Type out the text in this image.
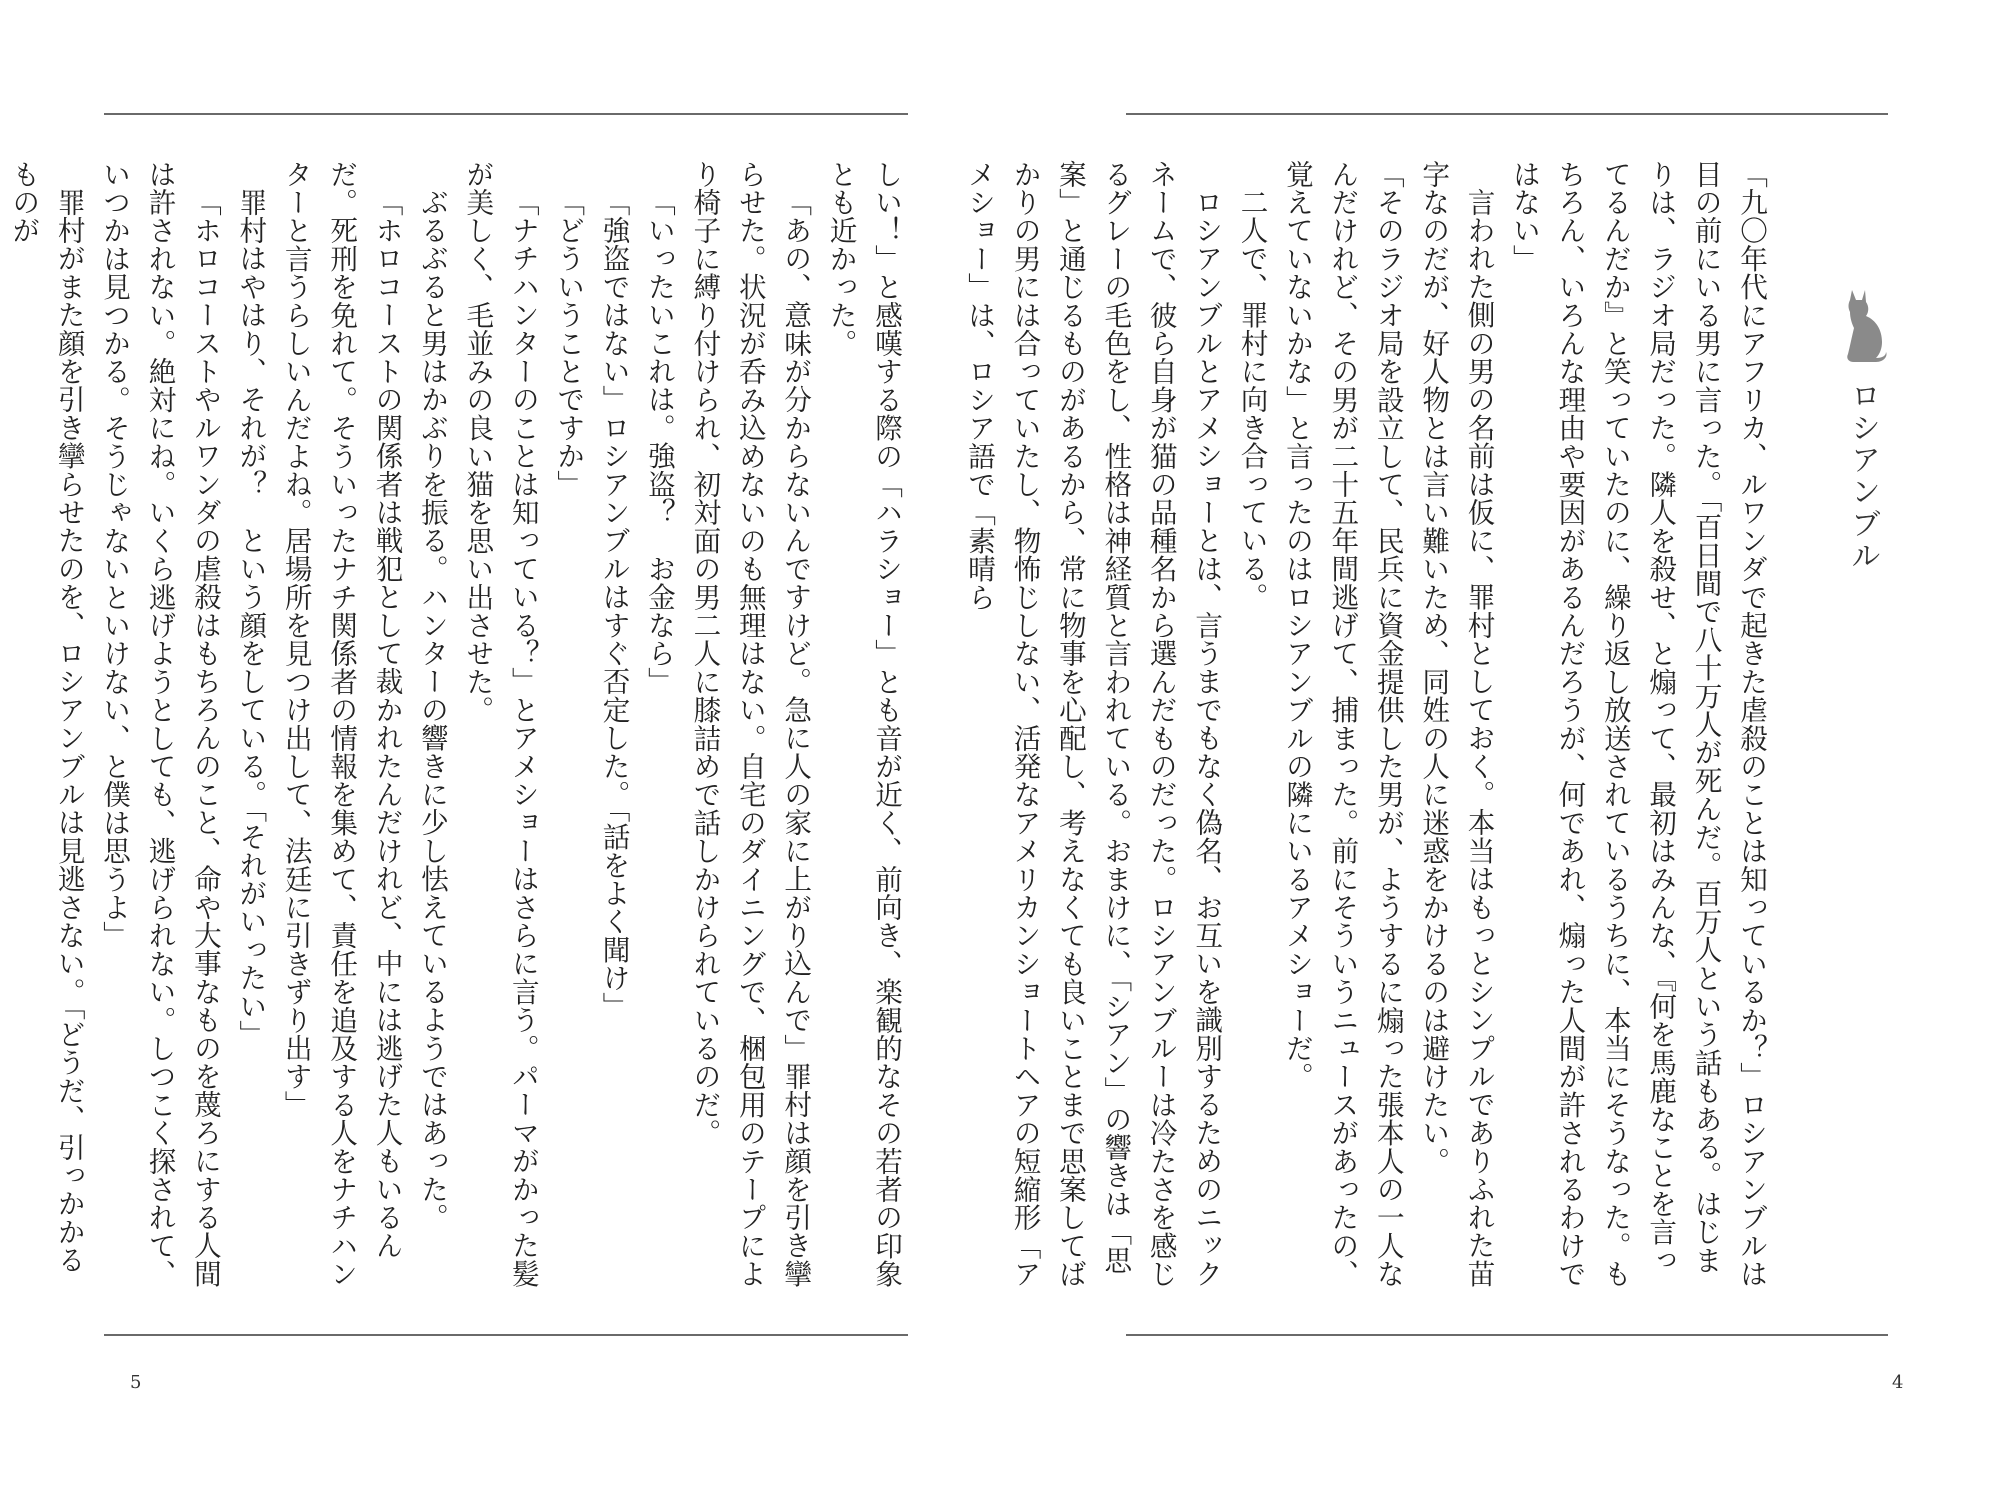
しい！」と感嘆する際の「ハラショー」とも音が近く、前向き、楽観的なその若者の印象とも近かった。

「あの、意味が分からないんですけど。急に人の家に上がり込んで」罪村は顔を引き攣らせた。状況が呑み込めないのも無理はない。自宅のダイニングで、梱包用のテープにより椅子に縛り付けられ、初対面の男二人に膝詰めで話しかけられているのだ。

「いったいこれは。強盗？　お金なら」

「強盗ではない」ロシアンブルはすぐ否定した。「話をよく聞け」

「どういうことですか」

「ナチハンターのことは知っている？」とアメショーはさらに言う。パーマがかった髪が美しく、毛並みの良い猫を思い出させた。

ぶるぶると男はかぶりを振る。ハンターの響きに少し怯えているようではあった。

「ホロコーストの関係者は戦犯として裁かれたんだけれど、中には逃げた人もいるんだ。死刑を免れて。そういったナチ関係者の情報を集めて、責任を追及する人をナチハンターと言うらしいんだよね。居場所を見つけ出して、法廷に引きずり出す」

罪村はやはり、それが？　という顔をしている。「それがいったい」

「ホロコーストやルワンダの虐殺はもちろんのこと、命や大事なものを蔑ろにする人間は許されない。絶対にね。いくら逃げようとしても、逃げられない。しつこく探されて、いつかは見つかる。そうじゃないといけない、と僕は思うよ」

罪村がまた顔を引き攣らせたのを、ロシアンブルは見逃さない。「どうだ、引っかかるものが

5
ロシアンブル

「九〇年代にアフリカ、ルワンダで起きた虐殺のことは知っているか？」ロシアンブルは目の前にいる男に言った。「百日間で八十万人が死んだ。百万人という話もある。はじまりは、ラジオ局だった。隣人を殺せ、と煽って、最初はみんな、『何を馬鹿なことを言ってるんだか』と笑っていたのに、繰り返し放送されているうちに、本当にそうなった。もちろん、いろんな理由や要因があるんだろうが、何であれ、煽った人間が許されるわけではない」

言われた側の男の名前は仮に、罪村としておく。本当はもっとシンプルでありふれた苗字なのだが、好人物とは言い難いため、同姓の人に迷惑をかけるのは避けたい。

「そのラジオ局を設立して、民兵に資金提供した男が、ようするに煽った張本人の一人なんだけれど、その男が二十五年間逃げて、捕まった。前にそういうニュースがあったの、覚えていないかな」と言ったのはロシアンブルの隣にいるアメショーだ。

二人で、罪村に向き合っている。

ロシアンブルとアメショーとは、言うまでもなく偽名、お互いを識別するためのニックネームで、彼ら自身が猫の品種名から選んだものだった。ロシアンブルーは冷たさを感じるグレーの毛色をし、性格は神経質と言われている。おまけに、「シアン」の響きは「思案」と通じるものがあるから、常に物事を心配し、考えなくても良いことまで思案してばかりの男には合っていたし、物怖じしない、活発なアメリカンショートヘアの短縮形「アメショー」は、ロシア語で「素晴ら

4
